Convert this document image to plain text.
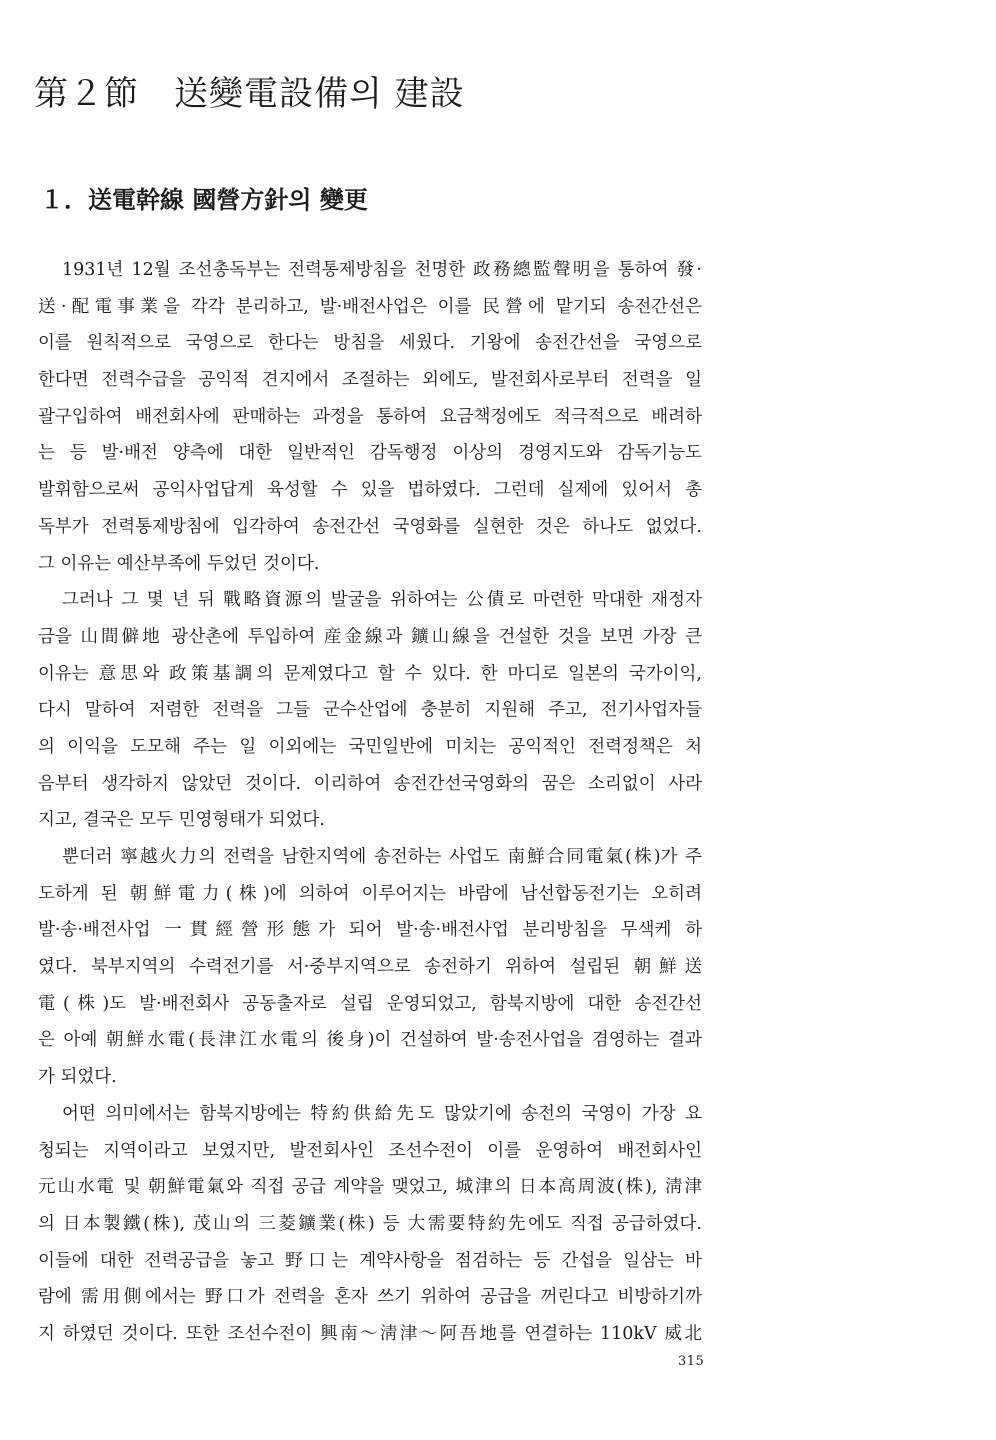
第２節　送變電設備의 建設
１．送電幹線 國營方針의 變更
1931년 12월 조선총독부는 전력통제방침을 천명한 政務總監聲明을 통하여 發·
送·配電事業을 각각 분리하고, 발·배전사업은 이를 民營에 맡기되 송전간선은
이를 원칙적으로 국영으로 한다는 방침을 세웠다. 기왕에 송전간선을 국영으로
한다면 전력수급을 공익적 견지에서 조절하는 외에도, 발전회사로부터 전력을 일
괄구입하여 배전회사에 판매하는 과정을 통하여 요금책정에도 적극적으로 배려하
는 등 발·배전 양측에 대한 일반적인 감독행정 이상의 경영지도와 감독기능도
발휘함으로써 공익사업답게 육성할 수 있을 법하였다. 그런데 실제에 있어서 총
독부가 전력통제방침에 입각하여 송전간선 국영화를 실현한 것은 하나도 없었다.
그 이유는 예산부족에 두었던 것이다.
그러나 그 몇 년 뒤 戰略資源의 발굴을 위하여는 公債로 마련한 막대한 재정자
금을 山間僻地 광산촌에 투입하여 産金線과 鑛山線을 건설한 것을 보면 가장 큰
이유는 意思와 政策基調의 문제였다고 할 수 있다. 한 마디로 일본의 국가이익,
다시 말하여 저렴한 전력을 그들 군수산업에 충분히 지원해 주고, 전기사업자들
의 이익을 도모해 주는 일 이외에는 국민일반에 미치는 공익적인 전력정책은 처
음부터 생각하지 않았던 것이다. 이리하여 송전간선국영화의 꿈은 소리없이 사라
지고, 결국은 모두 민영형태가 되었다.
뿐더러 寧越火力의 전력을 남한지역에 송전하는 사업도 南鮮合同電氣(株)가 주
도하게 된 朝鮮電力(株)에 의하여 이루어지는 바람에 남선합동전기는 오히려
발·송·배전사업 一貫經營形態가 되어 발·송·배전사업 분리방침을 무색케 하
였다. 북부지역의 수력전기를 서·중부지역으로 송전하기 위하여 설립된 朝鮮送
電(株)도 발·배전회사 공동출자로 설립 운영되었고, 함북지방에 대한 송전간선
은 아예 朝鮮水電(長津江水電의 後身)이 건설하여 발·송전사업을 겸영하는 결과
가 되었다.
어떤 의미에서는 함북지방에는 特約供給先도 많았기에 송전의 국영이 가장 요
청되는 지역이라고 보였지만, 발전회사인 조선수전이 이를 운영하여 배전회사인
元山水電 및 朝鮮電氣와 직접 공급 계약을 맺었고, 城津의 日本高周波(株), 淸津
의 日本製鐵(株), 茂山의 三菱鑛業(株) 등 大需要特約先에도 직접 공급하였다.
이들에 대한 전력공급을 놓고 野口는 계약사항을 점검하는 등 간섭을 일삼는 바
람에 需用側에서는 野口가 전력을 혼자 쓰기 위하여 공급을 꺼린다고 비방하기까
지 하였던 것이다. 또한 조선수전이 興南～淸津～阿吾地를 연결하는 110kV 威北
315
